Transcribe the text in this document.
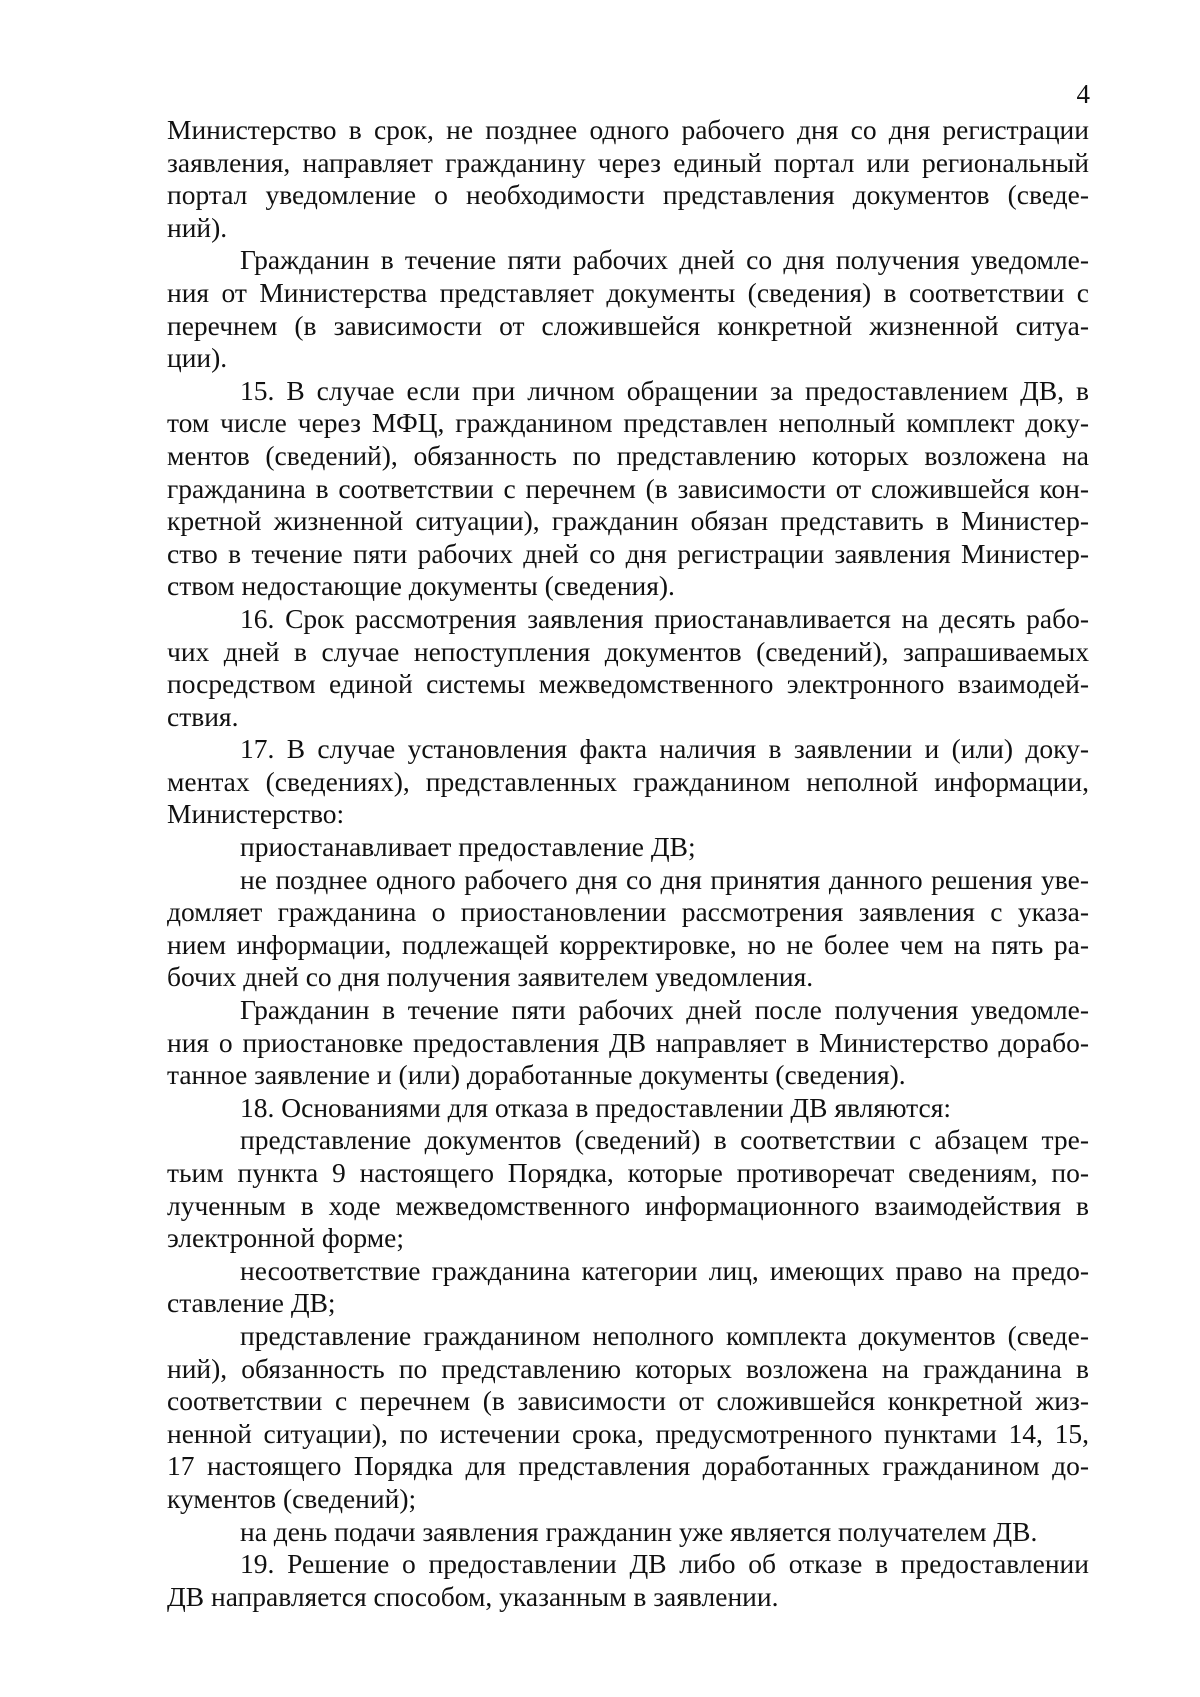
4
Министерство в срок, не позднее одного рабочего дня со дня регистрации
заявления, направляет гражданину через единый портал или региональный
портал уведомление о необходимости представления документов (сведе-
ний).
Гражданин в течение пяти рабочих дней со дня получения уведомле-
ния от Министерства представляет документы (сведения) в соответствии с
перечнем (в зависимости от сложившейся конкретной жизненной ситуа-
ции).
15. В случае если при личном обращении за предоставлением ДВ, в
том числе через МФЦ, гражданином представлен неполный комплект доку-
ментов (сведений), обязанность по представлению которых возложена на
гражданина в соответствии с перечнем (в зависимости от сложившейся кон-
кретной жизненной ситуации), гражданин обязан представить в Министер-
ство в течение пяти рабочих дней со дня регистрации заявления Министер-
ством недостающие документы (сведения).
16. Срок рассмотрения заявления приостанавливается на десять рабо-
чих дней в случае непоступления документов (сведений), запрашиваемых
посредством единой системы межведомственного электронного взаимодей-
ствия.
17. В случае установления факта наличия в заявлении и (или) доку-
ментах (сведениях), представленных гражданином неполной информации,
Министерство:
приостанавливает предоставление ДВ;
не позднее одного рабочего дня со дня принятия данного решения уве-
домляет гражданина о приостановлении рассмотрения заявления с указа-
нием информации, подлежащей корректировке, но не более чем на пять ра-
бочих дней со дня получения заявителем уведомления.
Гражданин в течение пяти рабочих дней после получения уведомле-
ния о приостановке предоставления ДВ направляет в Министерство дорабо-
танное заявление и (или) доработанные документы (сведения).
18. Основаниями для отказа в предоставлении ДВ являются:
представление документов (сведений) в соответствии с абзацем тре-
тьим пункта 9 настоящего Порядка, которые противоречат сведениям, по-
лученным в ходе межведомственного информационного взаимодействия в
электронной форме;
несоответствие гражданина категории лиц, имеющих право на предо-
ставление ДВ;
представление гражданином неполного комплекта документов (сведе-
ний), обязанность по представлению которых возложена на гражданина в
соответствии с перечнем (в зависимости от сложившейся конкретной жиз-
ненной ситуации), по истечении срока, предусмотренного пунктами 14, 15,
17 настоящего Порядка для представления доработанных гражданином до-
кументов (сведений);
на день подачи заявления гражданин уже является получателем ДВ.
19. Решение о предоставлении ДВ либо об отказе в предоставлении
ДВ направляется способом, указанным в заявлении.
